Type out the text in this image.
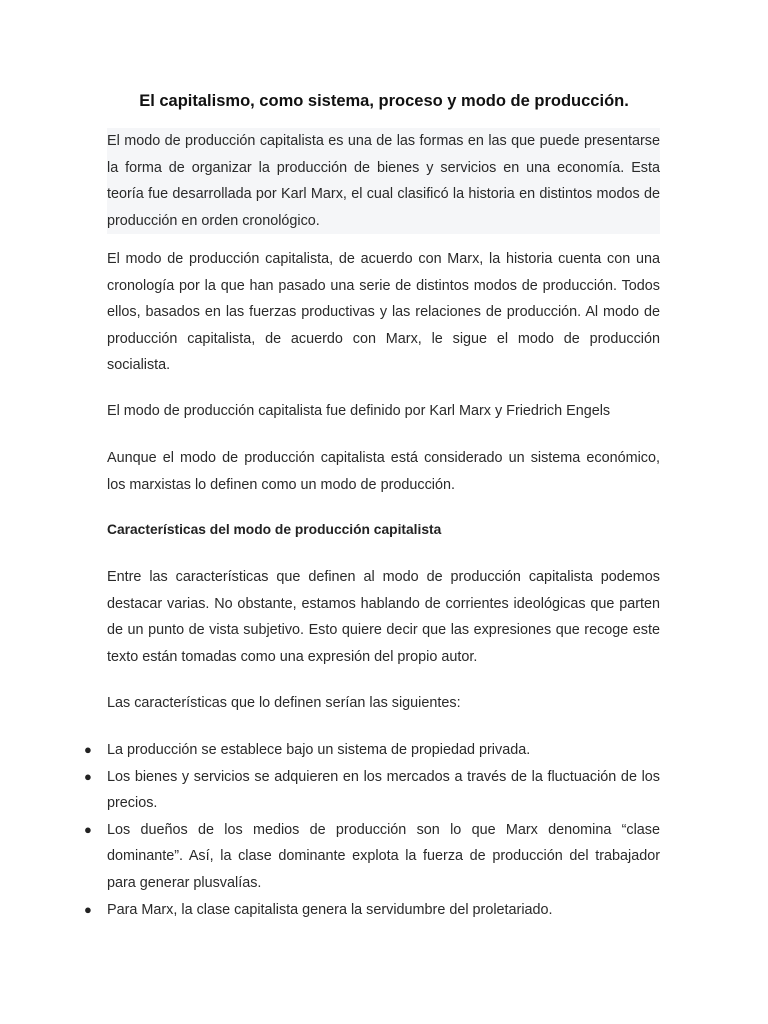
El capitalismo, como sistema, proceso y modo de producción.

El modo de producción capitalista es una de las formas en las que puede presentarse la forma de organizar la producción de bienes y servicios en una economía. Esta teoría fue desarrollada por Karl Marx, el cual clasificó la historia en distintos modos de producción en orden cronológico.

El modo de producción capitalista, de acuerdo con Marx, la historia cuenta con una cronología por la que han pasado una serie de distintos modos de producción. Todos ellos, basados en las fuerzas productivas y las relaciones de producción. Al modo de producción capitalista, de acuerdo con Marx, le sigue el modo de producción socialista.

El modo de producción capitalista fue definido por Karl Marx y Friedrich Engels

Aunque el modo de producción capitalista está considerado un sistema económico, los marxistas lo definen como un modo de producción.

Características del modo de producción capitalista

Entre las características que definen al modo de producción capitalista podemos destacar varias. No obstante, estamos hablando de corrientes ideológicas que parten de un punto de vista subjetivo. Esto quiere decir que las expresiones que recoge este texto están tomadas como una expresión del propio autor.

Las características que lo definen serían las siguientes:

● La producción se establece bajo un sistema de propiedad privada.
● Los bienes y servicios se adquieren en los mercados a través de la fluctuación de los precios.
● Los dueños de los medios de producción son lo que Marx denomina “clase dominante”. Así, la clase dominante explota la fuerza de producción del trabajador para generar plusvalías.
● Para Marx, la clase capitalista genera la servidumbre del proletariado.
